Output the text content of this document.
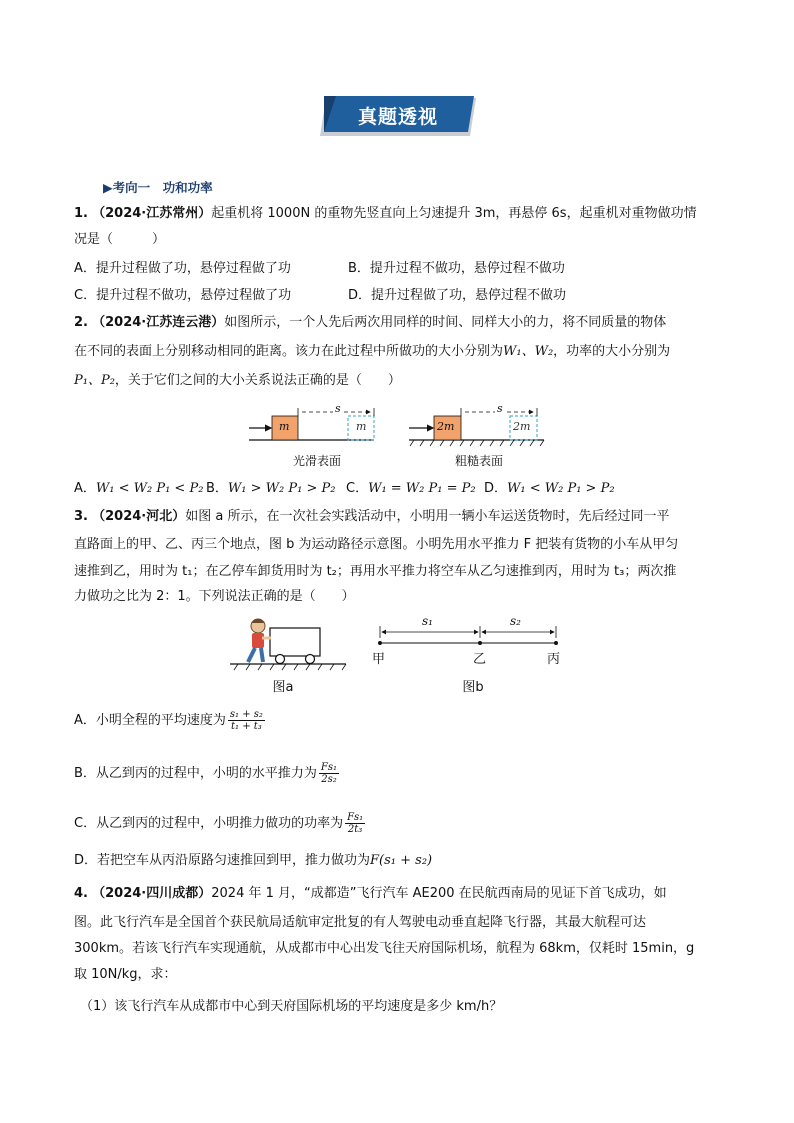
真题透视
▶考向一　功和功率
1. （2024·江苏常州）起重机将 1000N 的重物先竖直向上匀速提升 3m，再悬停 6s，起重机对重物做功情
况是（　　　）
A．提升过程做了功，悬停过程做了功	B．提升过程不做功，悬停过程不做功
C．提升过程不做功，悬停过程做了功	D．提升过程做了功，悬停过程不做功
2. （2024·江苏连云港）如图所示，一个人先后两次用同样的时间、同样大小的力，将不同质量的物体
在不同的表面上分别移动相同的距离。该力在此过程中所做功的大小分别为W₁、W₂，功率的大小分别为
P₁、P₂，关于它们之间的大小关系说法正确的是（　　）
m	m
s
2m	2m
s
光滑表面	粗糙表面
A．W₁ < W₂ P₁ < P₂ B．W₁ > W₂ P₁ > P₂ C．W₁ = W₂ P₁ = P₂ D．W₁ < W₂ P₁ > P₂
3. （2024·河北）如图 a 所示，在一次社会实践活动中，小明用一辆小车运送货物时，先后经过同一平
直路面上的甲、乙、丙三个地点，图 b 为运动路径示意图。小明先用水平推力 F 把装有货物的小车从甲匀
速推到乙，用时为 t₁；在乙停车卸货用时为 t₂；再用水平推力将空车从乙匀速推到丙，用时为 t₃；两次推
力做功之比为 2：1。下列说法正确的是（　　）
图a
s₁	s₂
甲	乙	丙
图b
A．小明全程的平均速度为 $\frac{\text{s₁ + s₂}}{\text{t₁ + t₃}}$
B．从乙到丙的过程中，小明的水平推力为 $\frac{\text{Fs₁}}{\text{2s₂}}$
C．从乙到丙的过程中，小明推力做功的功率为 $\frac{\text{Fs₁}}{\text{2t₃}}$
D．若把空车从丙沿原路匀速推回到甲，推力做功为F(s₁ + s₂)
4. （2024·四川成都）2024 年 1 月，“成都造”飞行汽车 AE200 在民航西南局的见证下首飞成功，如
图。此飞行汽车是全国首个获民航局适航审定批复的有人驾驶电动垂直起降飞行器，其最大航程可达
300km。若该飞行汽车实现通航，从成都市中心出发飞往天府国际机场，航程为 68km，仅耗时 15min，g
取 10N/kg，求：
（1）该飞行汽车从成都市中心到天府国际机场的平均速度是多少 km/h？
